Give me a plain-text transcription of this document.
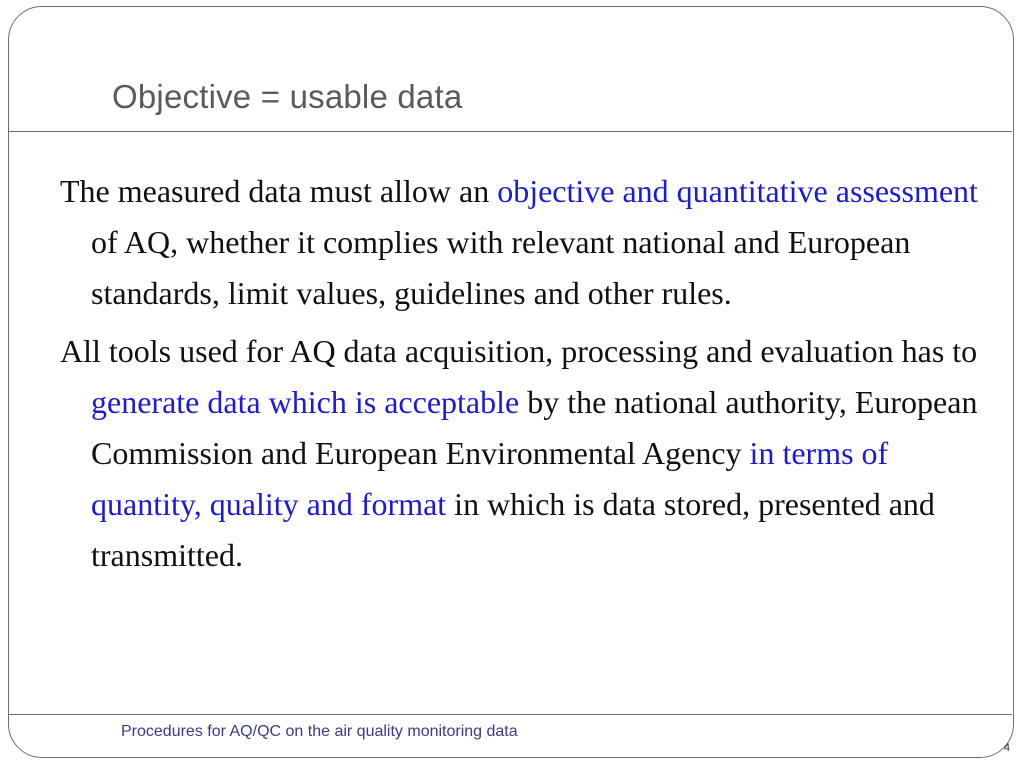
Objective = usable data

The measured data must allow an objective and quantitative assessment of AQ, whether it complies with relevant national and European standards, limit values, guidelines and other rules.

All tools used for AQ data acquisition, processing and evaluation has to generate data which is acceptable by the national authority, European Commission and European Environmental Agency in terms of quantity, quality and format in which is data stored, presented and transmitted.

Procedures for AQ/QC on the air quality monitoring data
4
